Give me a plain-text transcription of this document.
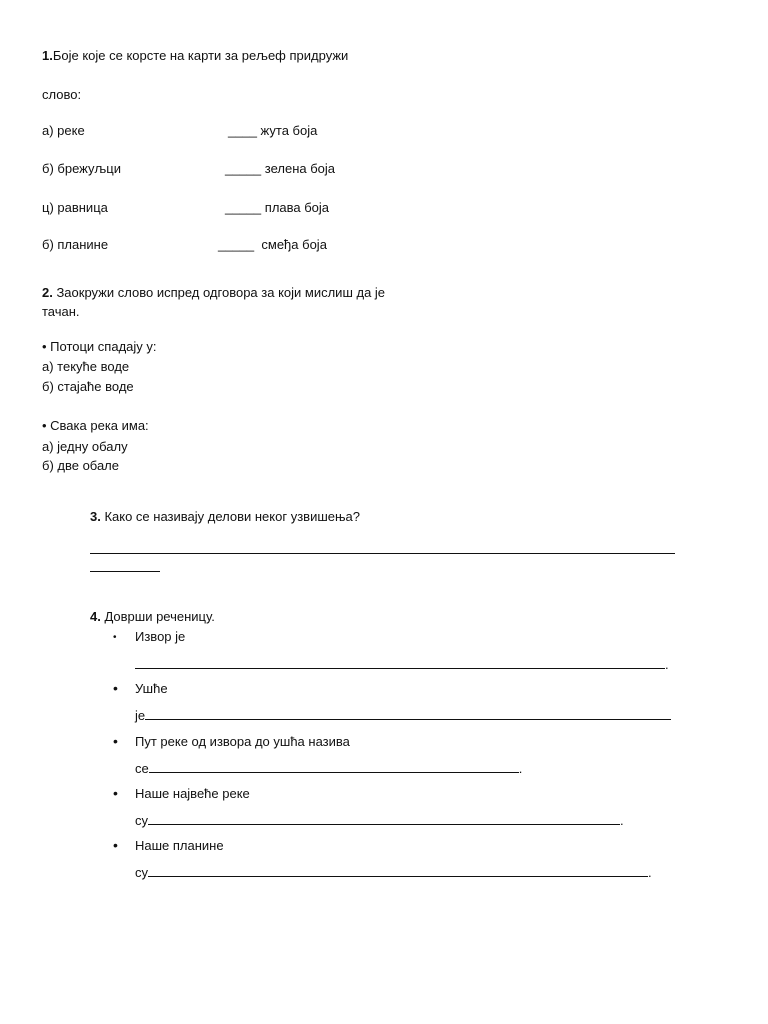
1.Боје које се корсте на карти за рељеф придружи
слово:
а) реке	____ жута боја
б) брежуљци	_____ зелена боја
ц) равница	_____ плава боја
б) планине	_____ смеђа боја
2. Заокружи слово испред одговора за који мислиш да је
тачан.
• Потоци спадају у:
а) текуће воде
б) стајаће воде
• Свака река има:
а) једну обалу
б) две обале
3. Како се називају делови неког узвишења?
4. Доврши реченицу.
• Извор је
.
• Ушће
је
• Пут реке од извора до ушћа назива
се	.
• Наше највеће реке
су	.
• Наше планине
су	.
